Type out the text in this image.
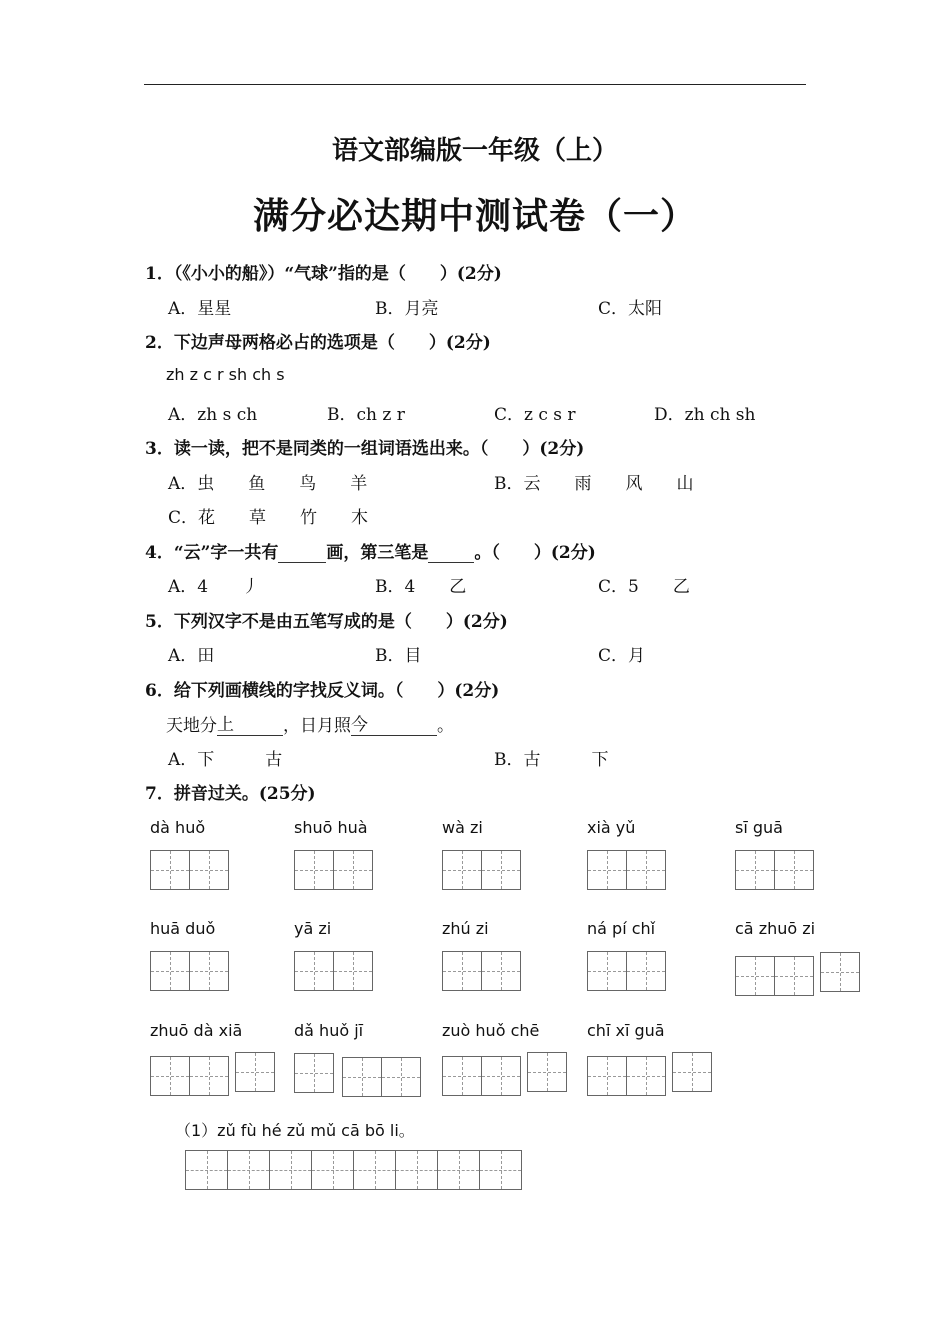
语文部编版一年级（上）
满分必达期中测试卷（一）
1．（《小小的船》）“气球”指的是（　　）(2分)
A．星星	B．月亮	C．太阳
2．下边声母两格必占的选项是（　　）(2分)
zh z c r sh ch s
A．zh s ch	B．ch z r	C．z c s r	D．zh ch sh
3．读一读，把不是同类的一组词语选出来。（　　）(2分)
A．虫　　鱼　　鸟　　羊	B．云　　雨　　风　　山
C．花　　草　　竹　　木
4．“云”字一共有	画，第三笔是	。（　　）(2分)
A．4　　丿	B．4　　乙	C．5　　乙
5．下列汉字不是由五笔写成的是（　　）(2分)
A．田	B．目	C．月
6．给下列画横线的字找反义词。（　　）(2分)
天地分上	，日月照今	。
A．下　　　古	B．古　　　下
7．拼音过关。(25分)
dà huǒ	shuō huà	wà zi	xià yǔ	sī guā
huā duǒ	yā zi	zhú zi	ná pí chǐ	cā zhuō zi
zhuō dà xiā	dǎ huǒ jī	zuò huǒ chē	chī xī guā
（1）zǔ fù hé zǔ mǔ cā bō li。
